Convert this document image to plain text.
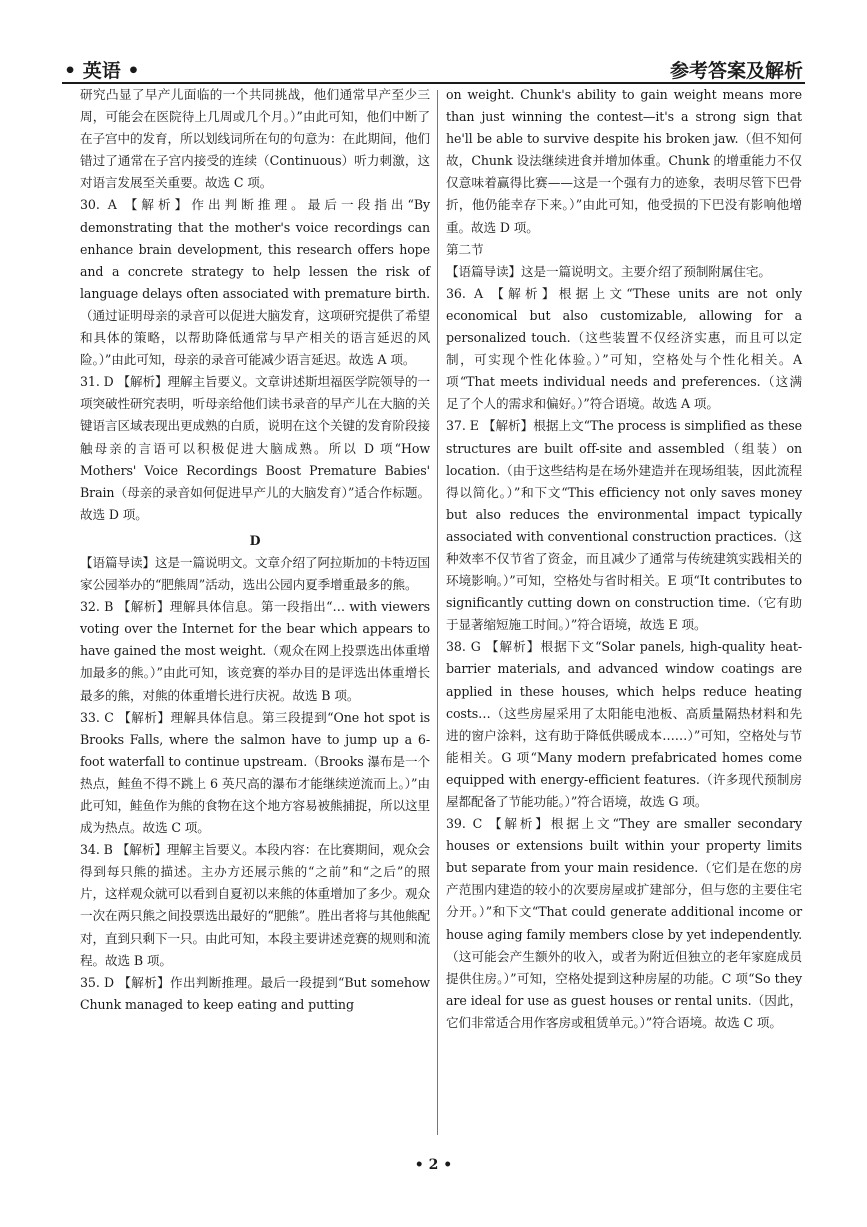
• 英语 •	参考答案及解析

研究凸显了早产儿面临的一个共同挑战，他们通常早产至少三周，可能会在医院待上几周或几个月。）”由此可知，他们中断了在子宫中的发育，所以划线词所在句的句意为：在此期间，他们错过了通常在子宫内接受的连续（Continuous）听力刺激，这对语言发展至关重要。故选 C 项。

30. A 【解析】作出判断推理。最后一段指出“By demonstrating that the mother's voice recordings can enhance brain development, this research offers hope and a concrete strategy to help lessen the risk of language delays often associated with premature birth.（通过证明母亲的录音可以促进大脑发育，这项研究提供了希望和具体的策略，以帮助降低通常与早产相关的语言延迟的风险。）”由此可知，母亲的录音可能减少语言延迟。故选 A 项。

31. D 【解析】理解主旨要义。文章讲述斯坦福医学院领导的一项突破性研究表明，听母亲给他们读书录音的早产儿在大脑的关键语言区域表现出更成熟的白质，说明在这个关键的发育阶段接触母亲的言语可以积极促进大脑成熟。所以 D 项“How Mothers' Voice Recordings Boost Premature Babies' Brain（母亲的录音如何促进早产儿的大脑发育）”适合作标题。故选 D 项。

D

【语篇导读】这是一篇说明文。文章介绍了阿拉斯加的卡特迈国家公园举办的“肥熊周”活动，选出公园内夏季增重最多的熊。

32. B 【解析】理解具体信息。第一段指出“… with viewers voting over the Internet for the bear which appears to have gained the most weight.（观众在网上投票选出体重增加最多的熊。）”由此可知，该竞赛的举办目的是评选出体重增长最多的熊，对熊的体重增长进行庆祝。故选 B 项。

33. C 【解析】理解具体信息。第三段提到“One hot spot is Brooks Falls, where the salmon have to jump up a 6-foot waterfall to continue upstream.（Brooks 瀑布是一个热点，鲑鱼不得不跳上 6 英尺高的瀑布才能继续逆流而上。）”由此可知，鲑鱼作为熊的食物在这个地方容易被熊捕捉，所以这里成为热点。故选 C 项。

34. B 【解析】理解主旨要义。本段内容：在比赛期间，观众会得到每只熊的描述。主办方还展示熊的“之前”和“之后”的照片，这样观众就可以看到自夏初以来熊的体重增加了多少。观众一次在两只熊之间投票选出最好的“肥熊”。胜出者将与其他熊配对，直到只剩下一只。由此可知，本段主要讲述竞赛的规则和流程。故选 B 项。

35. D 【解析】作出判断推理。最后一段提到“But somehow Chunk managed to keep eating and putting

on weight. Chunk's ability to gain weight means more than just winning the contest—it's a strong sign that he'll be able to survive despite his broken jaw.（但不知何故，Chunk 设法继续进食并增加体重。Chunk 的增重能力不仅仅意味着赢得比赛——这是一个强有力的迹象，表明尽管下巴骨折，他仍能幸存下来。）”由此可知，他受损的下巴没有影响他增重。故选 D 项。

第二节

【语篇导读】这是一篇说明文。主要介绍了预制附属住宅。

36. A 【解析】根据上文“These units are not only economical but also customizable, allowing for a personalized touch.（这些装置不仅经济实惠，而且可以定制，可实现个性化体验。）”可知，空格处与个性化相关。A 项“That meets individual needs and preferences.（这满足了个人的需求和偏好。）”符合语境。故选 A 项。

37. E 【解析】根据上文“The process is simplified as these structures are built off-site and assembled（组装）on location.（由于这些结构是在场外建造并在现场组装，因此流程得以简化。）”和下文“This efficiency not only saves money but also reduces the environmental impact typically associated with conventional construction practices.（这种效率不仅节省了资金，而且减少了通常与传统建筑实践相关的环境影响。）”可知，空格处与省时相关。E 项“It contributes to significantly cutting down on construction time.（它有助于显著缩短施工时间。）”符合语境，故选 E 项。

38. G 【解析】根据下文“Solar panels, high-quality heat-barrier materials, and advanced window coatings are applied in these houses, which helps reduce heating costs…（这些房屋采用了太阳能电池板、高质量隔热材料和先进的窗户涂料，这有助于降低供暖成本……）”可知，空格处与节能相关。G 项“Many modern prefabricated homes come equipped with energy-efficient features.（许多现代预制房屋都配备了节能功能。）”符合语境，故选 G 项。

39. C 【解析】根据上文“They are smaller secondary houses or extensions built within your property limits but separate from your main residence.（它们是在您的房产范围内建造的较小的次要房屋或扩建部分，但与您的主要住宅分开。）”和下文“That could generate additional income or house aging family members close by yet independently.（这可能会产生额外的收入，或者为附近但独立的老年家庭成员提供住房。）”可知，空格处提到这种房屋的功能。C 项“So they are ideal for use as guest houses or rental units.（因此，它们非常适合用作客房或租赁单元。）”符合语境。故选 C 项。

• 2 •
